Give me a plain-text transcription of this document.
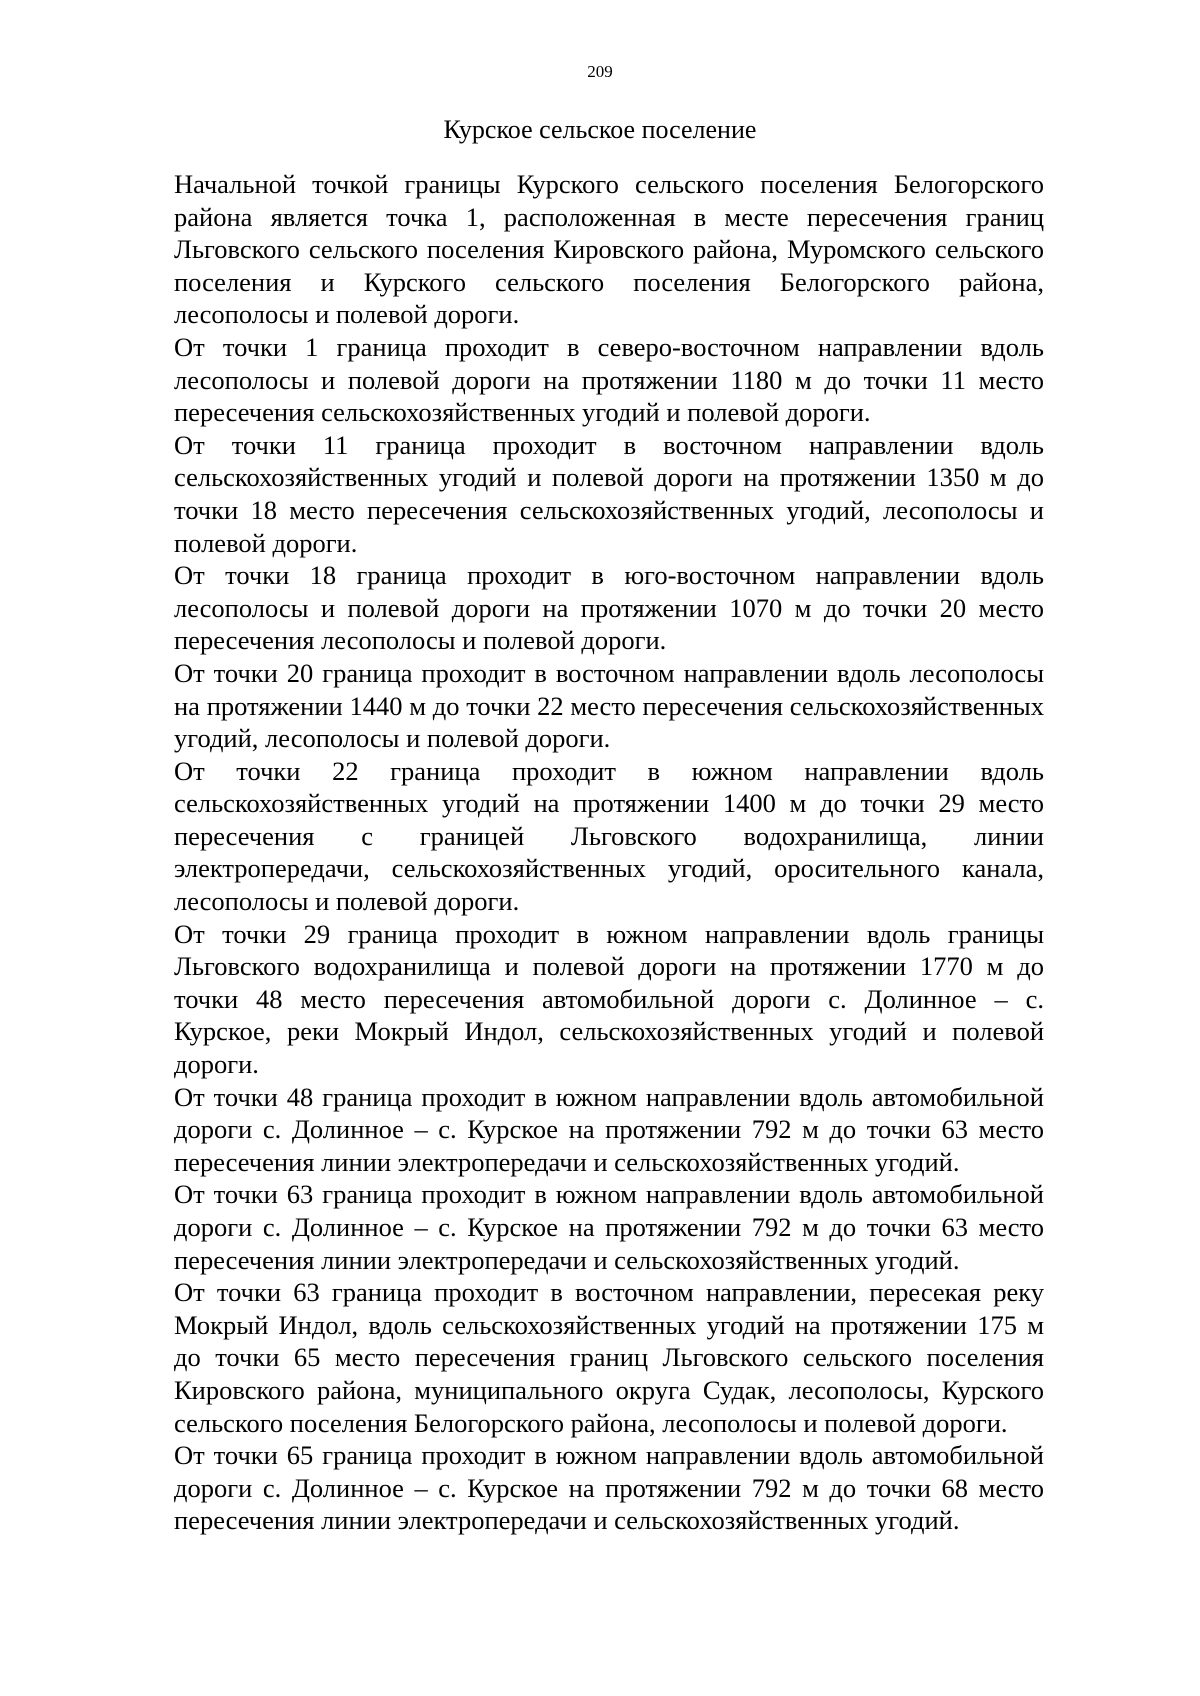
209
Курское сельское поселение

Начальной точкой границы Курского сельского поселения Белогорского района является точка 1, расположенная в месте пересечения границ Льговского сельского поселения Кировского района, Муромского сельского поселения и Курского сельского поселения Белогорского района, лесополосы и полевой дороги.

От точки 1 граница проходит в северо-восточном направлении вдоль лесополосы и полевой дороги на протяжении 1180 м до точки 11 место пересечения сельскохозяйственных угодий и полевой дороги.

От точки 11 граница проходит в восточном направлении вдоль сельскохозяйственных угодий и полевой дороги на протяжении 1350 м до точки 18 место пересечения сельскохозяйственных угодий, лесополосы и полевой дороги.

От точки 18 граница проходит в юго-восточном направлении вдоль лесополосы и полевой дороги на протяжении 1070 м до точки 20 место пересечения лесополосы и полевой дороги.

От точки 20 граница проходит в восточном направлении вдоль лесополосы на протяжении 1440 м до точки 22 место пересечения сельскохозяйственных угодий, лесополосы и полевой дороги.

От точки 22 граница проходит в южном направлении вдоль сельскохозяйственных угодий на протяжении 1400 м до точки 29 место пересечения с границей Льговского водохранилища, линии электропередачи, сельскохозяйственных угодий, оросительного канала, лесополосы и полевой дороги.

От точки 29 граница проходит в южном направлении вдоль границы Льговского водохранилища и полевой дороги на протяжении 1770 м до точки 48 место пересечения автомобильной дороги с. Долинное – с. Курское, реки Мокрый Индол, сельскохозяйственных угодий и полевой дороги.

От точки 48 граница проходит в южном направлении вдоль автомобильной дороги с. Долинное – с. Курское на протяжении 792 м до точки 63 место пересечения линии электропередачи и сельскохозяйственных угодий.

От точки 63 граница проходит в южном направлении вдоль автомобильной дороги с. Долинное – с. Курское на протяжении 792 м до точки 63 место пересечения линии электропередачи и сельскохозяйственных угодий.

От точки 63 граница проходит в восточном направлении, пересекая реку Мокрый Индол, вдоль сельскохозяйственных угодий на протяжении 175 м до точки 65 место пересечения границ Льговского сельского поселения Кировского района, муниципального округа Судак, лесополосы, Курского сельского поселения Белогорского района, лесополосы и полевой дороги.

От точки 65 граница проходит в южном направлении вдоль автомобильной дороги с. Долинное – с. Курское на протяжении 792 м до точки 68 место пересечения линии электропередачи и сельскохозяйственных угодий.
